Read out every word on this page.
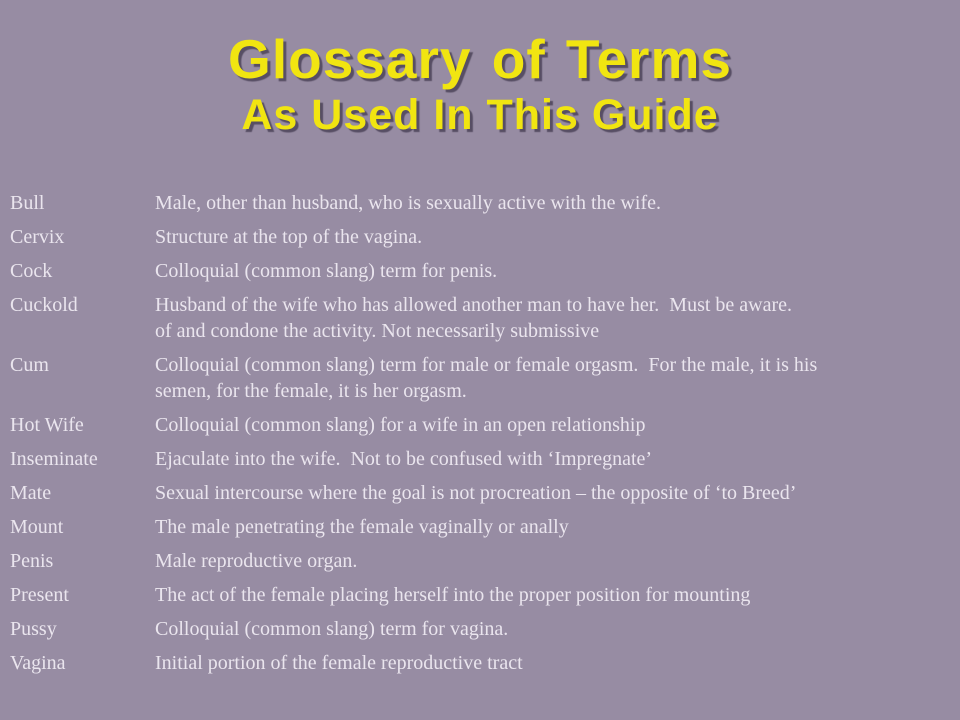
Glossary of Terms
As Used In This Guide
Bull	Male, other than husband, who is sexually active with the wife.
Cervix	Structure at the top of the vagina.
Cock	Colloquial (common slang) term for penis.
Cuckold	Husband of the wife who has allowed another man to have her.  Must be aware.
of and condone the activity. Not necessarily submissive
Cum	Colloquial (common slang) term for male or female orgasm.  For the male, it is his
semen, for the female, it is her orgasm.
Hot Wife	Colloquial (common slang) for a wife in an open relationship
Inseminate	Ejaculate into the wife.  Not to be confused with ‘Impregnate’
Mate	Sexual intercourse where the goal is not procreation – the opposite of ‘to Breed’
Mount	The male penetrating the female vaginally or anally
Penis	Male reproductive organ.
Present	The act of the female placing herself into the proper position for mounting
Pussy	Colloquial (common slang) term for vagina.
Vagina	Initial portion of the female reproductive tract
